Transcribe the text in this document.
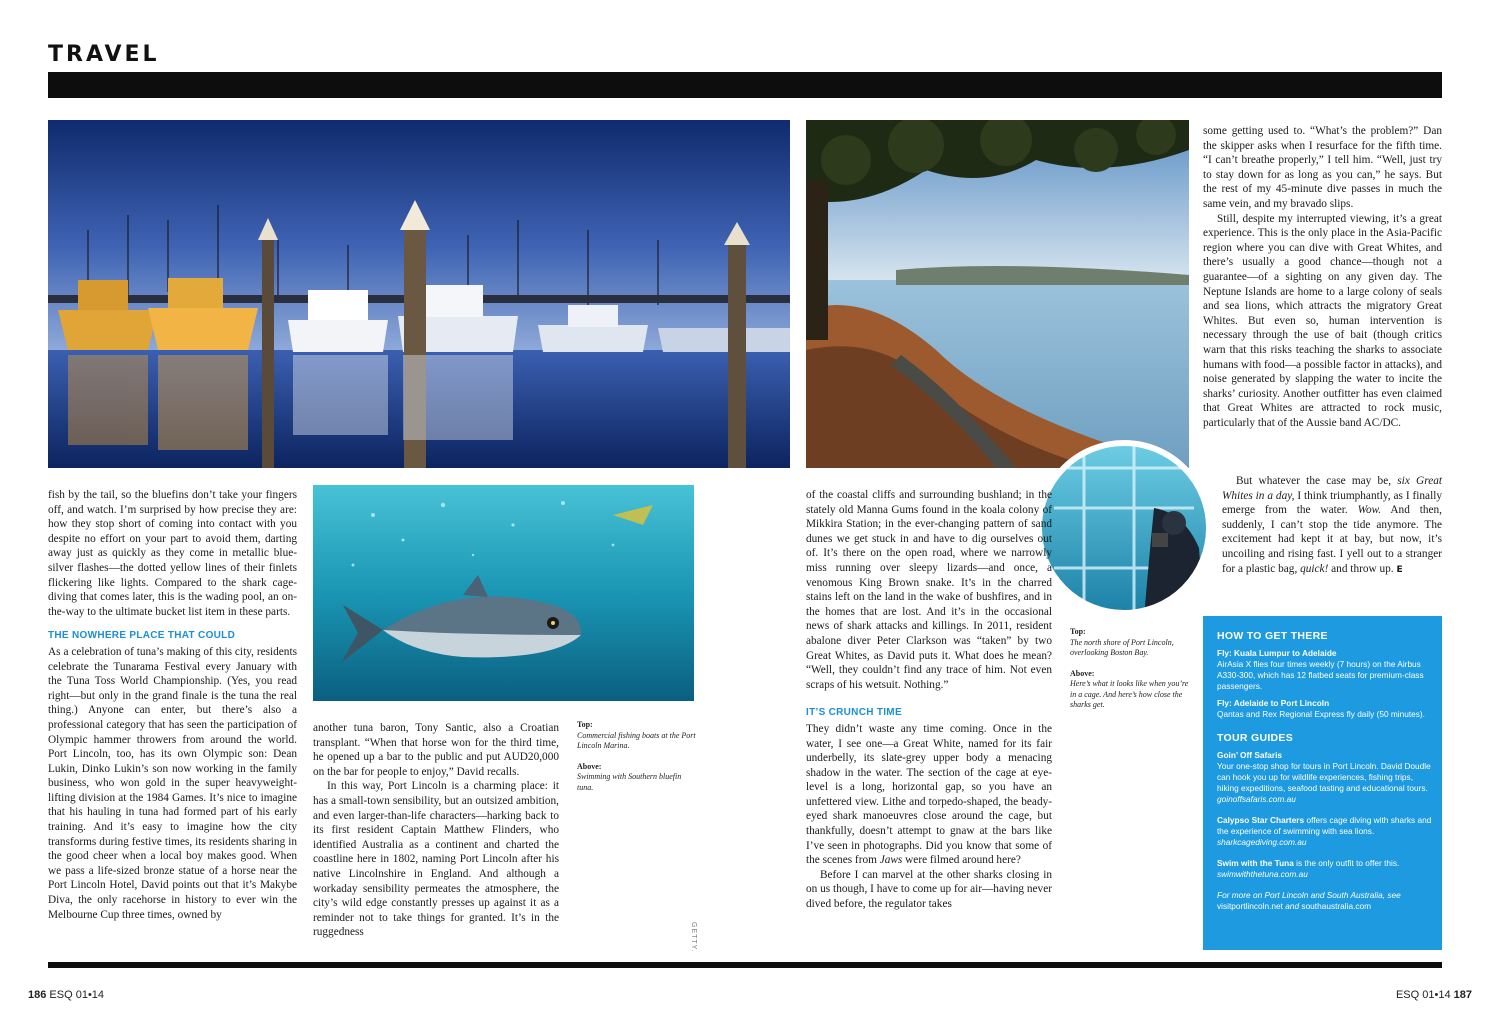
TRAVEL

fish by the tail, so the bluefins don’t take your fingers off, and watch. I’m surprised by how precise they are: how they stop short of coming into contact with you despite no effort on your part to avoid them, darting away just as quickly as they come in metallic blue-silver flashes—the dotted yellow lines of their finlets flickering like lights. Compared to the shark cage-diving that comes later, this is the wading pool, an on-the-way to the ultimate bucket list item in these parts.

THE NOWHERE PLACE THAT COULD

As a celebration of tuna’s making of this city, residents celebrate the Tunarama Festival every January with the Tuna Toss World Championship. (Yes, you read right—but only in the grand finale is the tuna the real thing.) Anyone can enter, but there’s also a professional category that has seen the participation of Olympic hammer throwers from around the world. Port Lincoln, too, has its own Olympic son: Dean Lukin, Dinko Lukin’s son now working in the family business, who won gold in the super heavyweight-lifting division at the 1984 Games. It’s nice to imagine that his hauling in tuna had formed part of his early training. And it’s easy to imagine how the city transforms during festive times, its residents sharing in the good cheer when a local boy makes good. When we pass a life-sized bronze statue of a horse near the Port Lincoln Hotel, David points out that it’s Makybe Diva, the only racehorse in history to ever win the Melbourne Cup three times, owned by

another tuna baron, Tony Santic, also a Croatian transplant. “When that horse won for the third time, he opened up a bar to the public and put AUD20,000 on the bar for people to enjoy,” David recalls.

In this way, Port Lincoln is a charming place: it has a small-town sensibility, but an outsized ambition, and even larger-than-life characters—harking back to its first resident Captain Matthew Flinders, who identified Australia as a continent and charted the coastline here in 1802, naming Port Lincoln after his native Lincolnshire in England. And although a workaday sensibility permeates the atmosphere, the city’s wild edge constantly presses up against it as a reminder not to take things for granted. It’s in the ruggedness

Top:
Commercial fishing boats at the Port Lincoln Marina.
Above:
Swimming with Southern bluefin tuna.
GETTY.

of the coastal cliffs and surrounding bushland; in the stately old Manna Gums found in the koala colony of Mikkira Station; in the ever-changing pattern of sand dunes we get stuck in and have to dig ourselves out of. It’s there on the open road, where we narrowly miss running over sleepy lizards—and once, a venomous King Brown snake. It’s in the charred stains left on the land in the wake of bushfires, and in the homes that are lost. And it’s in the occasional news of shark attacks and killings. In 2011, resident abalone diver Peter Clarkson was “taken” by two Great Whites, as David puts it. What does he mean? “Well, they couldn’t find any trace of him. Not even scraps of his wetsuit. Nothing.”

IT’S CRUNCH TIME

They didn’t waste any time coming. Once in the water, I see one—a Great White, named for its fair underbelly, its slate-grey upper body a menacing shadow in the water. The section of the cage at eye-level is a long, horizontal gap, so you have an unfettered view. Lithe and torpedo-shaped, the beady-eyed shark manoeuvres close around the cage, but thankfully, doesn’t attempt to gnaw at the bars like I’ve seen in photographs. Did you know that some of the scenes from Jaws were filmed around here?

Before I can marvel at the other sharks closing in on us though, I have to come up for air—having never dived before, the regulator takes

Top:
The north shore of Port Lincoln, overlooking Boston Bay.
Above:
Here’s what it looks like when you’re in a cage. And here’s how close the sharks get.

some getting used to. “What’s the problem?” Dan the skipper asks when I resurface for the fifth time. “I can’t breathe properly,” I tell him. “Well, just try to stay down for as long as you can,” he says. But the rest of my 45-minute dive passes in much the same vein, and my bravado slips.

Still, despite my interrupted viewing, it’s a great experience. This is the only place in the Asia-Pacific region where you can dive with Great Whites, and there’s usually a good chance—though not a guarantee—of a sighting on any given day. The Neptune Islands are home to a large colony of seals and sea lions, which attracts the migratory Great Whites. But even so, human intervention is necessary through the use of bait (though critics warn that this risks teaching the sharks to associate humans with food—a possible factor in attacks), and noise generated by slapping the water to incite the sharks’ curiosity. Another outfitter has even claimed that Great Whites are attracted to rock music, particularly that of the Aussie band AC/DC.

But whatever the case may be, six Great Whites in a day, I think triumphantly, as I finally emerge from the water. Wow. And then, suddenly, I can’t stop the tide anymore. The excitement had kept it at bay, but now, it’s uncoiling and rising fast. I yell out to a stranger for a plastic bag, quick! and throw up. E

HOW TO GET THERE

Fly: Kuala Lumpur to Adelaide

AirAsia X flies four times weekly (7 hours) on the Airbus A330-300, which has 12 flatbed seats for premium-class passengers.

Fly: Adelaide to Port Lincoln

Qantas and Rex Regional Express fly daily (50 minutes).

TOUR GUIDES

Goin’ Off Safaris

Your one-stop shop for tours in Port Lincoln. David Doudle can hook you up for wildlife experiences, fishing trips, hiking expeditions, seafood tasting and educational tours. goinoffsafaris.com.au

Calypso Star Charters offers cage diving with sharks and the experience of swimming with sea lions. sharkcagediving.com.au

Swim with the Tuna is the only outfit to offer this.
swimwiththetuna.com.au

For more on Port Lincoln and South Australia, see visitportlincoln.net and southaustralia.com

186 ESQ 01•14	ESQ 01•14 187
